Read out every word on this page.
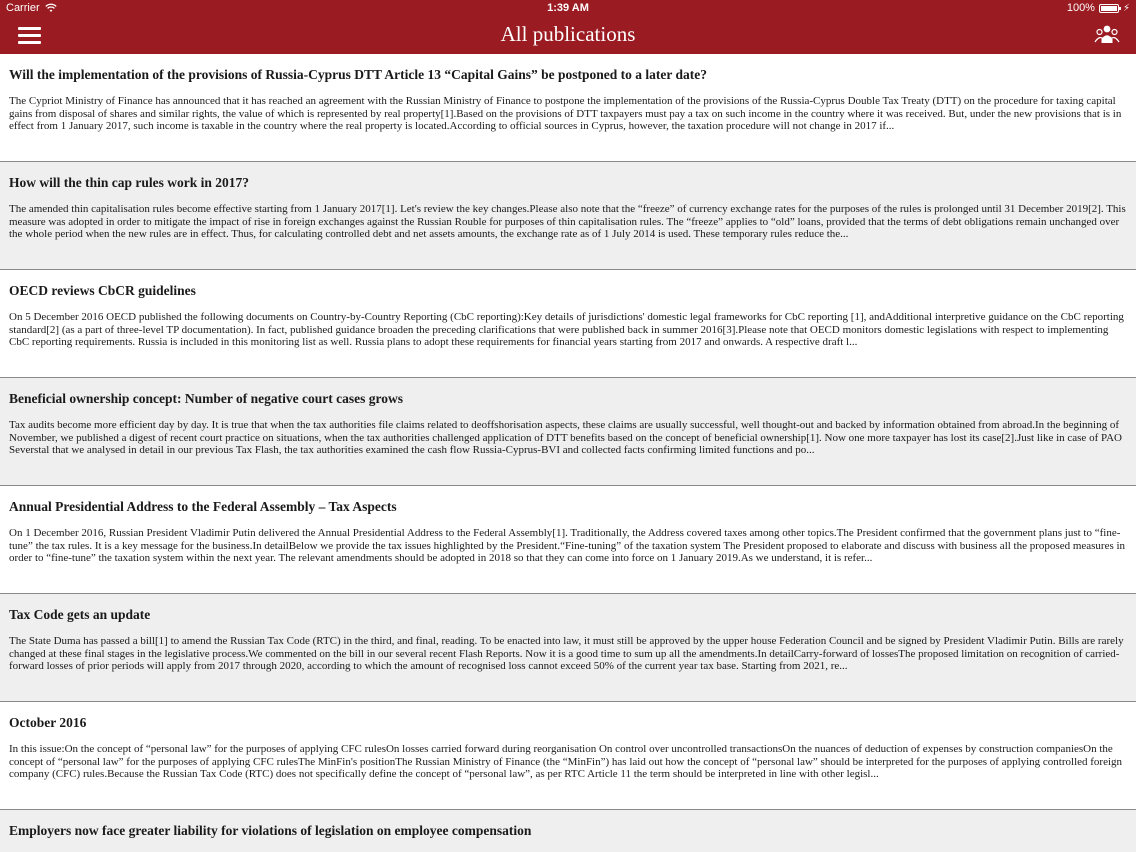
Carrier	1:39 AM	100%	⚡
All publications
Will the implementation of the provisions of Russia-Cyprus DTT Article 13 “Capital Gains” be postponed to a later date?
The Cypriot Ministry of Finance has announced that it has reached an agreement with the Russian Ministry of Finance to postpone the implementation of the provisions of the Russia-Cyprus Double Tax Treaty (DTT) on the procedure for taxing capital gains from disposal of shares and similar rights, the value of which is represented by real property[1].Based on the provisions of DTT taxpayers must pay a tax on such income in the country where it was received. But, under the new provisions that is in effect from 1 January 2017, such income is taxable in the country where the real property is located.According to official sources in Cyprus, however, the taxation procedure will not change in 2017 if...
How will the thin cap rules work in 2017?
The amended thin capitalisation rules become effective starting from 1 January 2017[1]. Let's review the key changes.Please also note that the “freeze” of currency exchange rates for the purposes of the rules is prolonged until 31 December 2019[2]. This measure was adopted in order to mitigate the impact of rise in foreign exchanges against the Russian Rouble for purposes of thin capitalisation rules. The “freeze” applies to “old” loans, provided that the terms of debt obligations remain unchanged over the whole period when the new rules are in effect. Thus, for calculating controlled debt and net assets amounts, the exchange rate as of 1 July 2014 is used. These temporary rules reduce the...
OECD reviews CbCR guidelines
On 5 December 2016 OECD published the following documents on Country-by-Country Reporting (CbC reporting):Key details of jurisdictions' domestic legal frameworks for CbC reporting [1], andAdditional interpretive guidance on the CbC reporting standard[2] (as a part of three-level TP documentation). In fact, published guidance broaden the preceding clarifications that were published back in summer 2016[3].Please note that OECD monitors domestic legislations with respect to implementing CbC reporting requirements. Russia is included in this monitoring list as well. Russia plans to adopt these requirements for financial years starting from 2017 and onwards. A respective draft l...
Beneficial ownership concept: Number of negative court cases grows
Tax audits become more efficient day by day. It is true that when the tax authorities file claims related to deoffshorisation aspects, these claims are usually successful, well thought-out and backed by information obtained from abroad.In the beginning of November, we published a digest of recent court practice on situations, when the tax authorities challenged application of DTT benefits based on the concept of beneficial ownership[1]. Now one more taxpayer has lost its case[2].Just like in case of PAO Severstal that we analysed in detail in our previous Tax Flash, the tax authorities examined the cash flow Russia-Cyprus-BVI and collected facts confirming limited functions and po...
Annual Presidential Address to the Federal Assembly – Tax Aspects
On 1 December 2016, Russian President Vladimir Putin delivered the Annual Presidential Address to the Federal Assembly[1]. Traditionally, the Address covered taxes among other topics.The President confirmed that the government plans just to “fine-tune” the tax rules. It is a key message for the business.In detailBelow we provide the tax issues highlighted by the President.“Fine-tuning” of the taxation system The President proposed to elaborate and discuss with business all the proposed measures in order to “fine-tune” the taxation system within the next year. The relevant amendments should be adopted in 2018 so that they can come into force on 1 January 2019.As we understand, it is refer...
Tax Code gets an update
The State Duma has passed a bill[1] to amend the Russian Tax Code (RTC) in the third, and final, reading. To be enacted into law, it must still be approved by the upper house Federation Council and be signed by President Vladimir Putin. Bills are rarely changed at these final stages in the legislative process.We commented on the bill in our several recent Flash Reports. Now it is a good time to sum up all the amendments.In detailCarry-forward of lossesThe proposed limitation on recognition of carried-forward losses of prior periods will apply from 2017 through 2020, according to which the amount of recognised loss cannot exceed 50% of the current year tax base. Starting from 2021, re...
October 2016
In this issue:On the concept of “personal law” for the purposes of applying CFC rulesOn losses carried forward during reorganisation On control over uncontrolled transactionsOn the nuances of deduction of expenses by construction companiesOn the concept of “personal law” for the purposes of applying CFC rulesThe MinFin's positionThe Russian Ministry of Finance (the “MinFin”) has laid out how the concept of “personal law” should be interpreted for the purposes of applying controlled foreign company (CFC) rules.Because the Russian Tax Code (RTC) does not specifically define the concept of “personal law”, as per RTC Article 11 the term should be interpreted in line with other legisl...
Employers now face greater liability for violations of legislation on employee compensation
